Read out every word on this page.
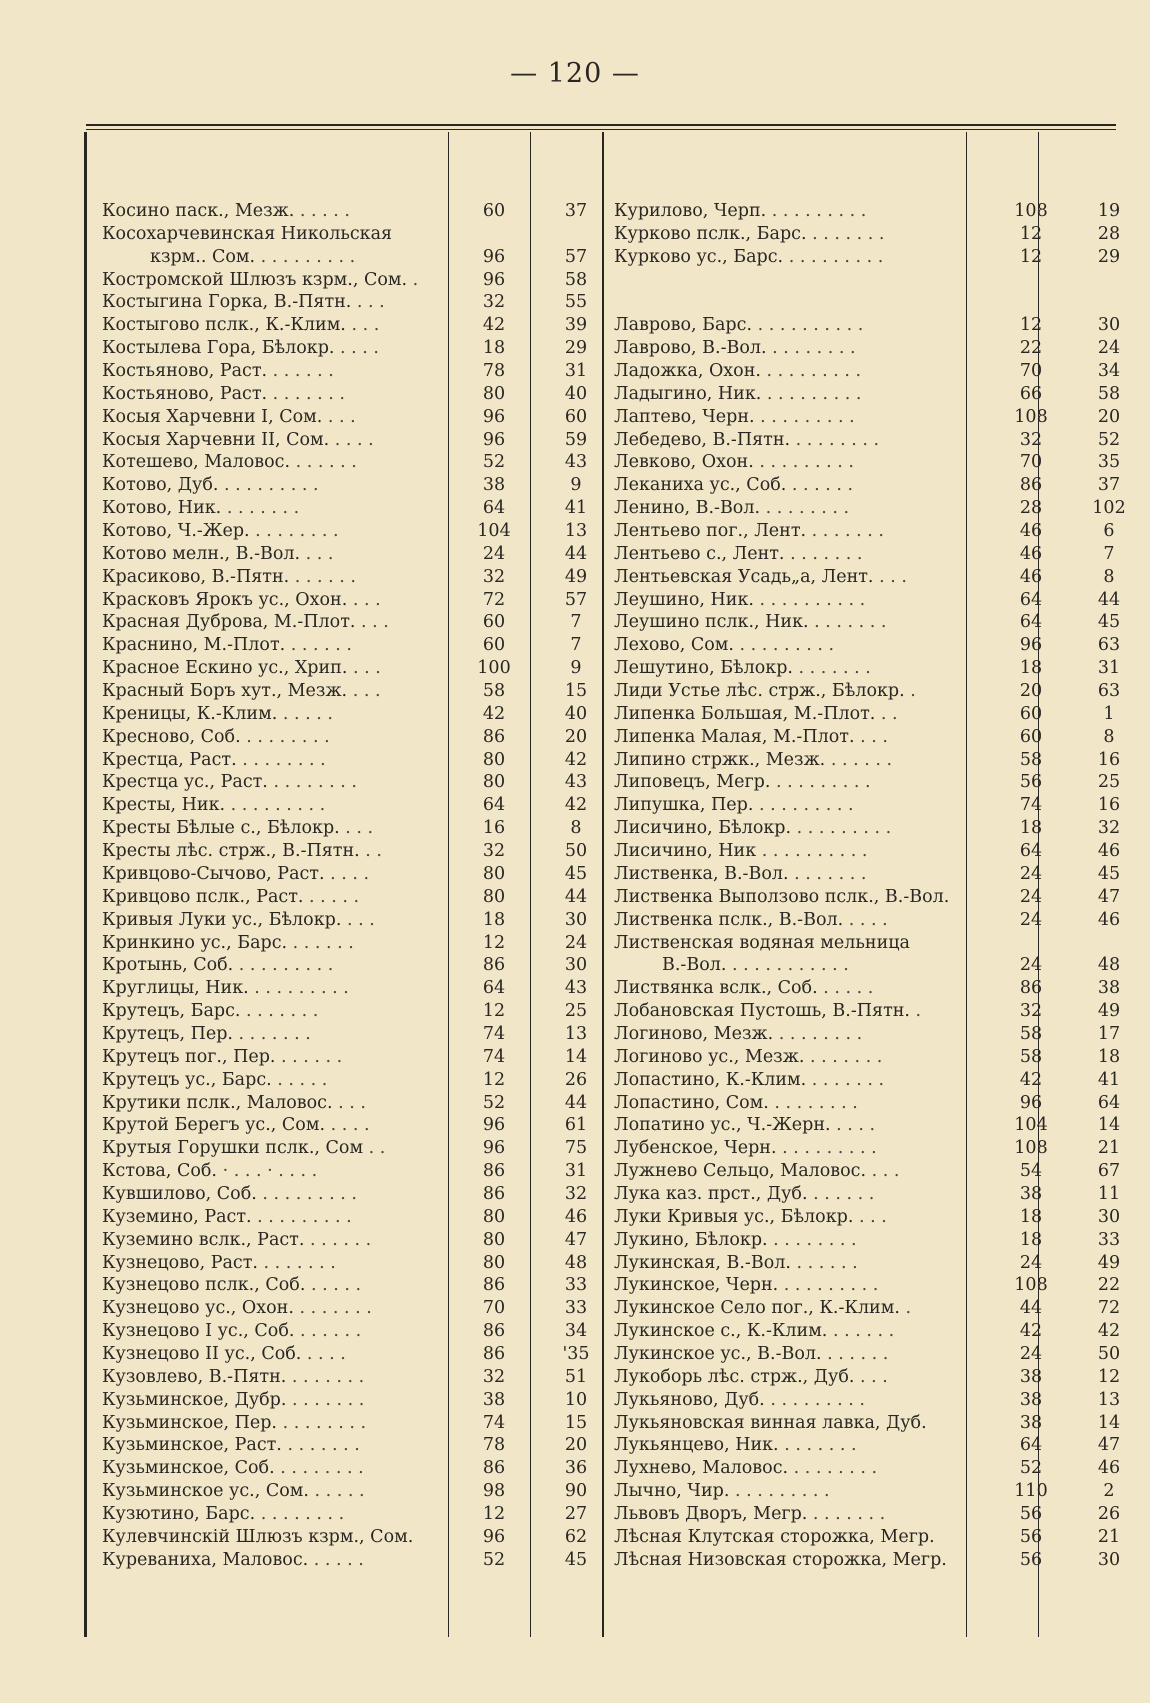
— 120 —
Косино паск., Мезж. . . . . .	60	37
Косохарчевинская Никольская
кзрм.. Сом. . . . . . . . . .	96	57
Костромской Шлюзъ кзрм., Сом. .	96	58
Костыгина Горка, В.-Пятн. . . .	32	55
Костыгово пслк., К.-Клим. . . .	42	39
Костылева Гора, Бѣлокр. . . . .	18	29
Костьяново, Раст. . . . . . .	78	31
Костьяново, Раст. . . . . . . .	80	40
Косыя Харчевни I, Сом. . . .	96	60
Косыя Харчевни II, Сом. . . . .	96	59
Котешево, Маловос. . . . . . .	52	43
Котово, Дуб. . . . . . . . . .	38	9
Котово, Ник. . . . . . . .	64	41
Котово, Ч.-Жер. . . . . . . . .	104	13
Котово мелн., В.-Вол. . . .	24	44
Красиково, В.-Пятн. . . . . . .	32	49
Красковъ Ярокъ ус., Охон. . . .	72	57
Красная Дуброва, М.-Плот. . . .	60	7
Краснино, М.-Плот. . . . . . .	60	7
Красное Ескино ус., Хрип. . . .	100	9
Красный Боръ хут., Мезж. . . .	58	15
Креницы, К.-Клим. . . . . .	42	40
Кресново, Соб. . . . . . . . .	86	20
Крестца, Раст. . . . . . . . .	80	42
Крестца ус., Раст. . . . . . . . .	80	43
Кресты, Ник. . . . . . . . . .	64	42
Кресты Бѣлые с., Бѣлокр. . . .	16	8
Кресты лѣс. стрж., В.-Пятн. . .	32	50
Кривцово-Сычово, Раст. . . . .	80	45
Кривцово пслк., Раст. . . . . .	80	44
Кривыя Луки ус., Бѣлокр. . . .	18	30
Кринкино ус., Барс. . . . . . .	12	24
Кротынь, Соб. . . . . . . . . .	86	30
Круглицы, Ник. . . . . . . . . .	64	43
Крутецъ, Барс. . . . . . . .	12	25
Крутецъ, Пер. . . . . . . .	74	13
Крутецъ пог., Пер. . . . . . .	74	14
Крутецъ ус., Барс. . . . . .	12	26
Крутики пслк., Маловос. . . .	52	44
Крутой Берегъ ус., Сом. . . . .	96	61
Крутыя Горушки пслк., Сом . .	96	75
Кстова, Соб. · . . . · . . . .	86	31
Кувшилово, Соб. . . . . . . . . .	86	32
Куземино, Раст. . . . . . . . . .	80	46
Куземино вслк., Раст. . . . . . .	80	47
Кузнецово, Раст. . . . . . . .	80	48
Кузнецово пслк., Соб. . . . . .	86	33
Кузнецово ус., Охон. . . . . . . .	70	33
Кузнецово I ус., Соб. . . . . . .	86	34
Кузнецово II ус., Соб. . . . .	86	'35
Кузовлево, В.-Пятн. . . . . . . .	32	51
Кузьминское, Дубр. . . . . . . .	38	10
Кузьминское, Пер. . . . . . . . .	74	15
Кузьминское, Раст. . . . . . . .	78	20
Кузьминское, Соб. . . . . . . . .	86	36
Кузьминское ус., Сом. . . . . .	98	90
Кузютино, Барс. . . . . . . . .	12	27
Кулевчинскій Шлюзъ кзрм., Сом.	96	62
Куреваниха, Маловос. . . . . .	52	45
Курилово, Черп. . . . . . . . . .	108	19
Курково пслк., Барс. . . . . . . .	12	28
Курково ус., Барс. . . . . . . . . .	12	29
Лаврово, Барс. . . . . . . . . . .	12	30
Лаврово, В.-Вол. . . . . . . . .	22	24
Ладожка, Охон. . . . . . . . . .	70	34
Ладыгино, Ник. . . . . . . . . .	66	58
Лаптево, Черн. . . . . . . . . .	108	20
Лебедево, В.-Пятн. . . . . . . . .	32	52
Левково, Охон. . . . . . . . . .	70	35
Леканиха ус., Соб. . . . . . .	86	37
Ленино, В.-Вол. . . . . . . . .	28	102
Лентьево пог., Лент. . . . . . . .	46	6
Лентьево с., Лент. . . . . . . .	46	7
Лентьевская Усадь„а, Лент. . . .	46	8
Леушино, Ник. . . . . . . . . . .	64	44
Леушино пслк., Ник. . . . . . . .	64	45
Лехово, Сом. . . . . . . . . .	96	63
Лешутино, Бѣлокр. . . . . . . .	18	31
Лиди Устье лѣс. стрж., Бѣлокр. .	20	63
Липенка Большая, М.-Плот. . .	60	1
Липенка Малая, М.-Плот. . . .	60	8
Липино стржк., Мезж. . . . . . .	58	16
Липовецъ, Мегр. . . . . . . . . .	56	25
Липушка, Пер. . . . . . . . . .	74	16
Лисичино, Бѣлокр. . . . . . . . . .	18	32
Лисичино, Ник . . . . . . . . . .	64	46
Лиственка, В.-Вол. . . . . . . .	24	45
Лиственка Выползово пслк., В.-Вол.	24	47
Лиственка пслк., В.-Вол. . . . .	24	46
Лиственская водяная мельница
В.-Вол. . . . . . . . . . . .	24	48
Листвянка вслк., Соб. . . . . .	86	38
Лобановская Пустошь, В.-Пятн. .	32	49
Логиново, Мезж. . . . . . . . .	58	17
Логиново ус., Мезж. . . . . . . .	58	18
Лопастино, К.-Клим. . . . . . . .	42	41
Лопастино, Сом. . . . . . . . .	96	64
Лопатино ус., Ч.-Жерн. . . . .	104	14
Лубенское, Черн. . . . . . . . . .	108	21
Лужнево Сельцо, Маловос. . . .	54	67
Лука каз. прст., Дуб. . . . . . .	38	11
Луки Кривыя ус., Бѣлокр. . . .	18	30
Лукино, Бѣлокр. . . . . . . . .	18	33
Лукинская, В.-Вол. . . . . . .	24	49
Лукинское, Черн. . . . . . . . . .	108	22
Лукинское Село пог., К.-Клим. .	44	72
Лукинское с., К.-Клим. . . . . . .	42	42
Лукинское ус., В.-Вол. . . . . . .	24	50
Лукоборь лѣс. стрж., Дуб. . . .	38	12
Лукьяново, Дуб. . . . . . . . . .	38	13
Лукьяновская винная лавка, Дуб.	38	14
Лукьянцево, Ник. . . . . . . .	64	47
Лухнево, Маловос. . . . . . . . .	52	46
Лычно, Чир. . . . . . . . . .	110	2
Львовъ Дворъ, Мегр. . . . . . . .	56	26
Лѣсная Клутская сторожка, Мегр.	56	21
Лѣсная Низовская сторожка, Мегр.	56	30
